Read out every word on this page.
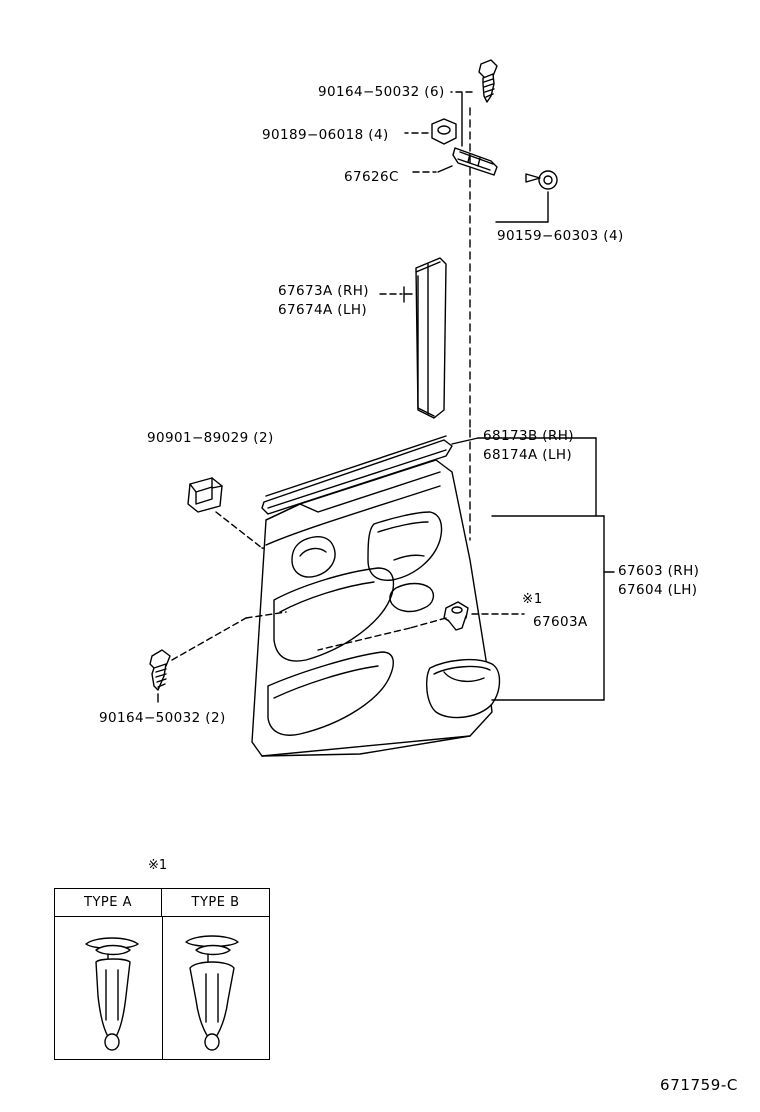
90164−50032 (6)
90189−06018 (4)
67626C
90159−60303 (4)
67673A (RH)
67674A (LH)
90901−89029 (2)	68173B (RH)
68174A (LH)
67603 (RH)
67604 (LH)
※1
67603A
90164−50032 (2)
※1
TYPE A	TYPE B
671759-C
